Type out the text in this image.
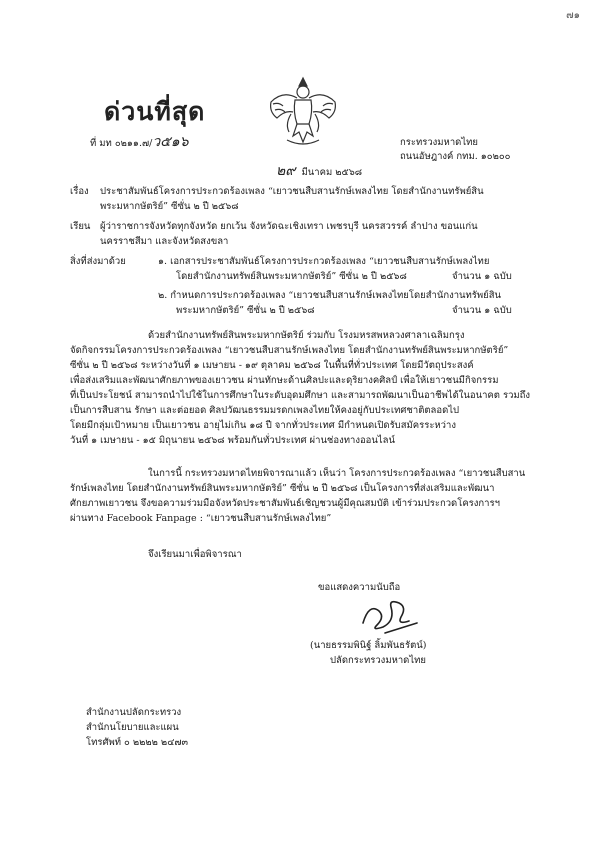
๗๑
ด่วนที่สุด
ที่ มท ๐๒๑๑.๗/ว๕๑๖	กระทรวงมหาดไทย
ถนนอัษฎางค์ กทม. ๑๐๒๐๐
๒๙ มีนาคม ๒๕๖๘
เรื่อง ประชาสัมพันธ์โครงการประกวดร้องเพลง “เยาวชนสืบสานรักษ์เพลงไทย โดยสำนักงานทรัพย์สิน
พระมหากษัตริย์” ซีซั่น ๒ ปี ๒๕๖๘
เรียน ผู้ว่าราชการจังหวัดทุกจังหวัด ยกเว้น จังหวัดฉะเชิงเทรา เพชรบุรี นครสวรรค์ ลำปาง ขอนแก่น
นครราชสีมา และจังหวัดสงขลา
สิ่งที่ส่งมาด้วย	๑. เอกสารประชาสัมพันธ์โครงการประกวดร้องเพลง “เยาวชนสืบสานรักษ์เพลงไทย
โดยสำนักงานทรัพย์สินพระมหากษัตริย์” ซีซั่น ๒ ปี ๒๕๖๘	จำนวน ๑ ฉบับ
๒. กำหนดการประกวดร้องเพลง “เยาวชนสืบสานรักษ์เพลงไทยโดยสำนักงานทรัพย์สิน
พระมหากษัตริย์” ซีซั่น ๒ ปี ๒๕๖๘	จำนวน ๑ ฉบับ
ด้วยสำนักงานทรัพย์สินพระมหากษัตริย์ ร่วมกับ โรงมหรสพหลวงศาลาเฉลิมกรุง
จัดกิจกรรมโครงการประกวดร้องเพลง “เยาวชนสืบสานรักษ์เพลงไทย โดยสำนักงานทรัพย์สินพระมหากษัตริย์”
ซีซั่น ๒ ปี ๒๕๖๘ ระหว่างวันที่ ๑ เมษายน - ๑๙ ตุลาคม ๒๕๖๘ ในพื้นที่ทั่วประเทศ โดยมีวัตถุประสงค์
เพื่อส่งเสริมและพัฒนาศักยภาพของเยาวชน ผ่านทักษะด้านศิลปะและดุริยางคศิลป์ เพื่อให้เยาวชนมีกิจกรรม
ที่เป็นประโยชน์ สามารถนำไปใช้ในการศึกษาในระดับอุดมศึกษา และสามารถพัฒนาเป็นอาชีพได้ในอนาคต รวมถึง
เป็นการสืบสาน รักษา และต่อยอด ศิลปวัฒนธรรมมรดกเพลงไทยให้คงอยู่กับประเทศชาติตลอดไป
โดยมีกลุ่มเป้าหมาย เป็นเยาวชน อายุไม่เกิน ๑๘ ปี จากทั่วประเทศ มีกำหนดเปิดรับสมัครระหว่าง
วันที่ ๑ เมษายน - ๑๕ มิถุนายน ๒๕๖๘ พร้อมกันทั่วประเทศ ผ่านช่องทางออนไลน์
ในการนี้ กระทรวงมหาดไทยพิจารณาแล้ว เห็นว่า โครงการประกวดร้องเพลง “เยาวชนสืบสาน
รักษ์เพลงไทย โดยสำนักงานทรัพย์สินพระมหากษัตริย์” ซีซั่น ๒ ปี ๒๕๖๘ เป็นโครงการที่ส่งเสริมและพัฒนา
ศักยภาพเยาวชน จึงขอความร่วมมือจังหวัดประชาสัมพันธ์เชิญชวนผู้มีคุณสมบัติ เข้าร่วมประกวดโครงการฯ
ผ่านทาง Facebook Fanpage : “เยาวชนสืบสานรักษ์เพลงไทย”
จึงเรียนมาเพื่อพิจารณา
ขอแสดงความนับถือ
(นายธรรมพินิฐ์ ลิ้มพันธรัตน์)
ปลัดกระทรวงมหาดไทย
สำนักงานปลัดกระทรวง
สำนักนโยบายและแผน
โทรศัพท์ ๐ ๒๒๒๒ ๒๔๗๓
